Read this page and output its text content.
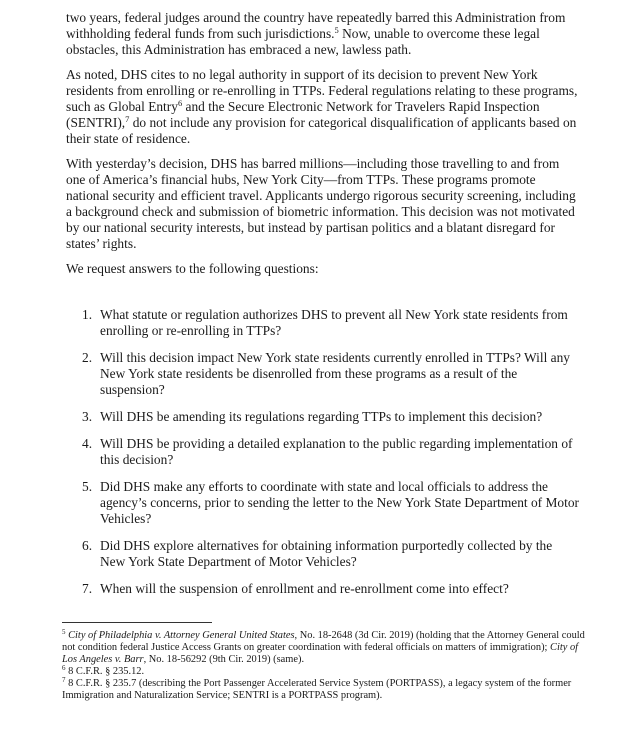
two years, federal judges around the country have repeatedly barred this Administration from withholding federal funds from such jurisdictions.$^5$ Now, unable to overcome these legal obstacles, this Administration has embraced a new, lawless path.

As noted, DHS cites to no legal authority in support of its decision to prevent New York residents from enrolling or re-enrolling in TTPs. Federal regulations relating to these programs, such as Global Entry$^6$ and the Secure Electronic Network for Travelers Rapid Inspection (SENTRI),$^7$ do not include any provision for categorical disqualification of applicants based on their state of residence.

With yesterday’s decision, DHS has barred millions—including those travelling to and from one of America’s financial hubs, New York City—from TTPs. These programs promote national security and efficient travel. Applicants undergo rigorous security screening, including a background check and submission of biometric information. This decision was not motivated by our national security interests, but instead by partisan politics and a blatant disregard for states’ rights.

We request answers to the following questions:

1. What statute or regulation authorizes DHS to prevent all New York state residents from enrolling or re-enrolling in TTPs?
2. Will this decision impact New York state residents currently enrolled in TTPs? Will any New York state residents be disenrolled from these programs as a result of the suspension?
3. Will DHS be amending its regulations regarding TTPs to implement this decision?
4. Will DHS be providing a detailed explanation to the public regarding implementation of this decision?
5. Did DHS make any efforts to coordinate with state and local officials to address the agency’s concerns, prior to sending the letter to the New York State Department of Motor Vehicles?
6. Did DHS explore alternatives for obtaining information purportedly collected by the New York State Department of Motor Vehicles?
7. When will the suspension of enrollment and re-enrollment come into effect?

$^5$ City of Philadelphia v. Attorney General United States, No. 18-2648 (3d Cir. 2019) (holding that the Attorney General could not condition federal Justice Access Grants on greater coordination with federal officials on matters of immigration); City of Los Angeles v. Barr, No. 18-56292 (9th Cir. 2019) (same).

$^6$ 8 C.F.R. § 235.12.

$^7$ 8 C.F.R. § 235.7 (describing the Port Passenger Accelerated Service System (PORTPASS), a legacy system of the former Immigration and Naturalization Service; SENTRI is a PORTPASS program).
